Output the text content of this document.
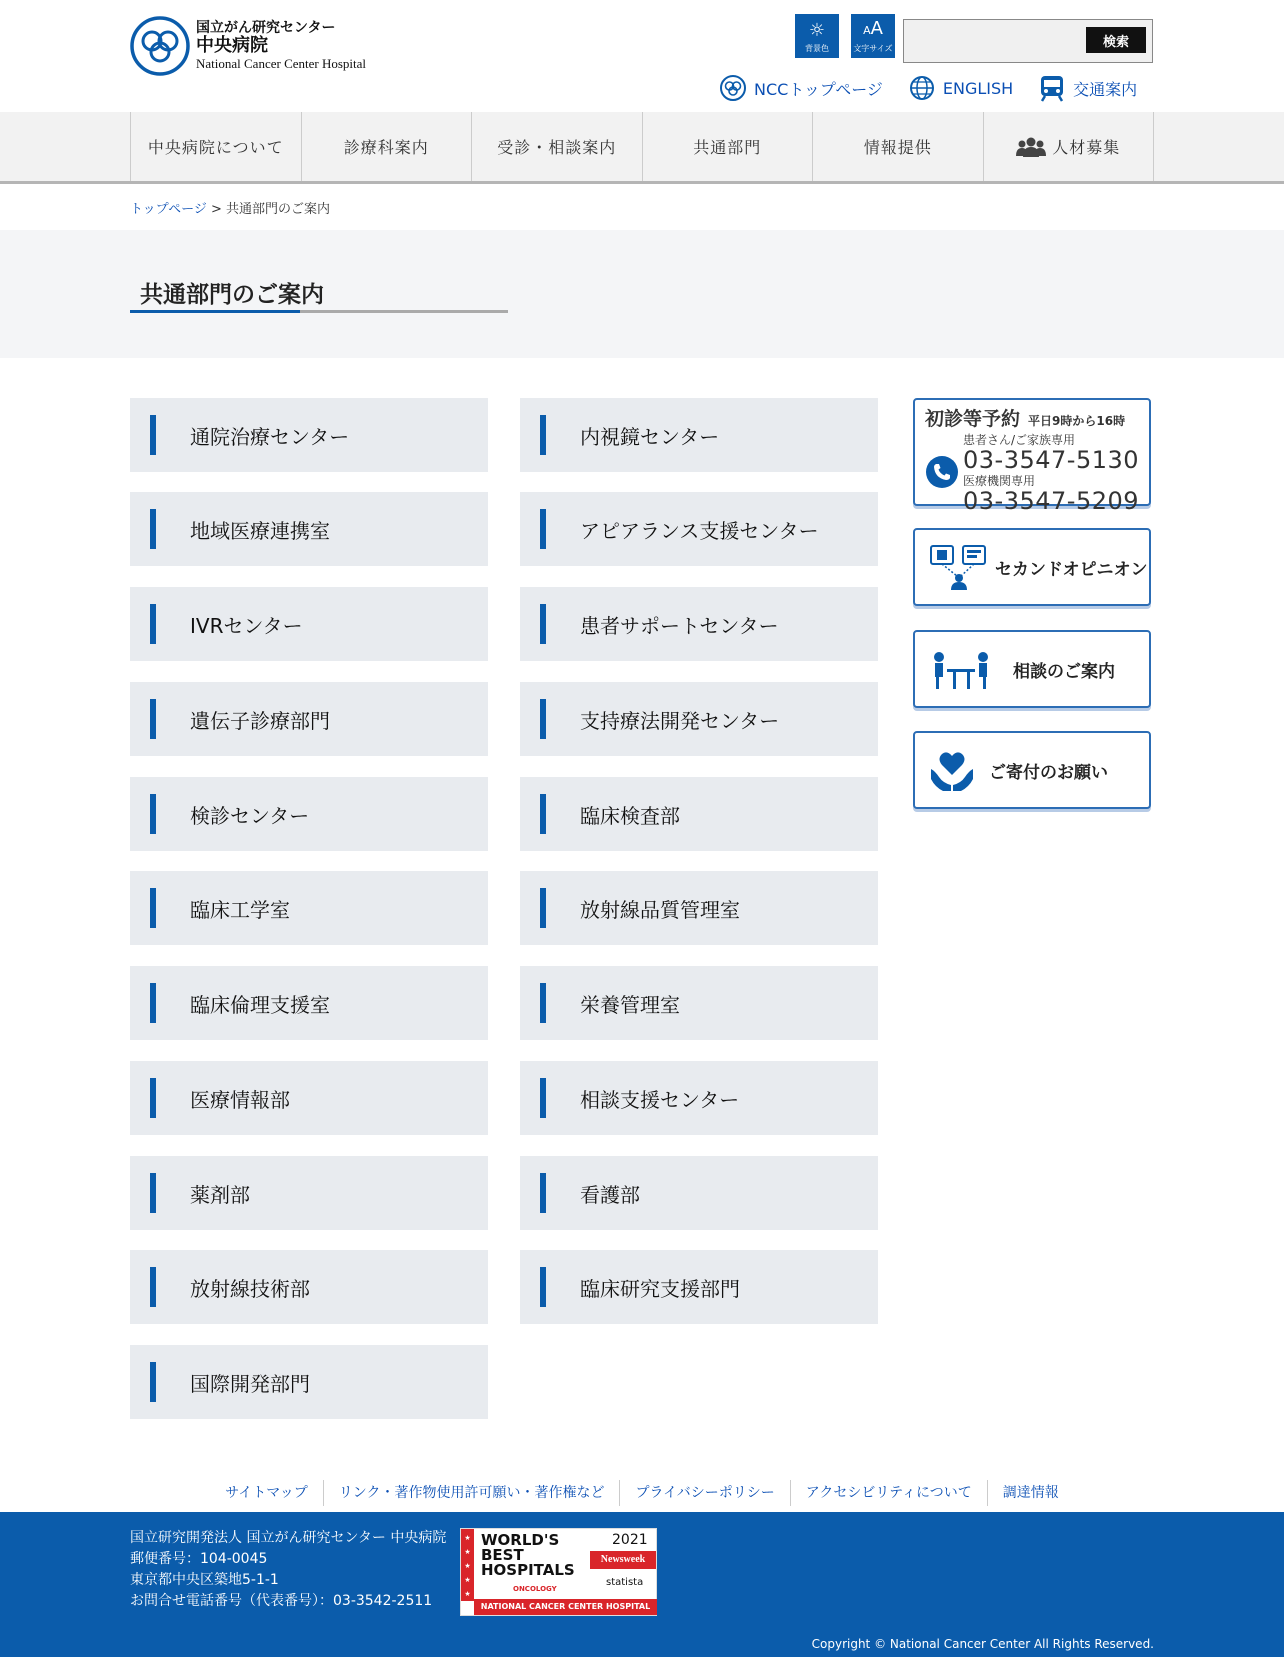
国立がん研究センター
中央病院
National Cancer Center Hospital
☼
背景色
AA
文字サイズ	検索
NCCトップページ	ENGLISH	交通案内
中央病院について	診療科案内	受診・相談案内	共通部門	情報提供	人材募集
トップページ > 共通部門のご案内
共通部門のご案内
通院治療センター
地域医療連携室
IVRセンター
遺伝子診療部門
検診センター
臨床工学室
臨床倫理支援室
医療情報部
薬剤部
放射線技術部
国際開発部門
内視鏡センター
アピアランス支援センター
患者サポートセンター
支持療法開発センター
臨床検査部
放射線品質管理室
栄養管理室
相談支援センター
看護部
臨床研究支援部門
初診等予約 平日9時から16時
患者さん/ご家族専用
03-3547-5130
医療機関専用
03-3547-5209
セカンドオピニオン
相談のご案内
ご寄付のお願い
サイトマップ	リンク・著作物使用許可願い・著作権など	プライバシーポリシー	アクセシビリティについて	調達情報
国立研究開発法人 国立がん研究センター 中央病院
郵便番号：104-0045
東京都中央区築地5-1-1
お問合せ電話番号（代表番号）：03-3542-2511
★
★
★
★
★
WORLD'S BEST HOSPITALS
ONCOLOGY
2021
Newsweek
statista
NATIONAL CANCER CENTER HOSPITAL
Copyright © National Cancer Center All Rights Reserved.
